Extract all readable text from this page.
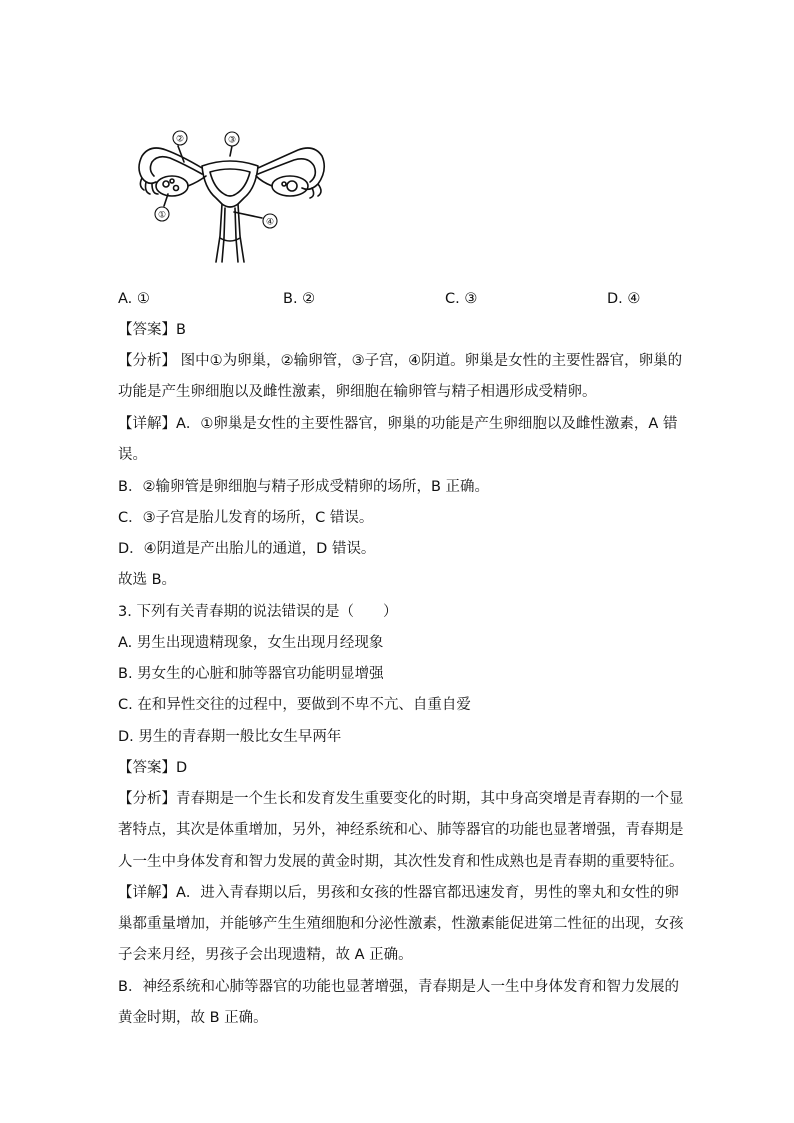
②	③
①
④
A. ①	B. ②	C. ③	D. ④
【答案】B
【分析】 图中①为卵巢，②输卵管，③子宫，④阴道。卵巢是女性的主要性器官，卵巢的
功能是产生卵细胞以及雌性激素，卵细胞在输卵管与精子相遇形成受精卵。
【详解】A．①卵巢是女性的主要性器官，卵巢的功能是产生卵细胞以及雌性激素，A 错
误。
B．②输卵管是卵细胞与精子形成受精卵的场所，B 正确。
C．③子宫是胎儿发育的场所，C 错误。
D．④阴道是产出胎儿的通道，D 错误。
故选 B。
3. 下列有关青春期的说法错误的是（　　）
A. 男生出现遗精现象，女生出现月经现象
B. 男女生的心脏和肺等器官功能明显增强
C. 在和异性交往的过程中，要做到不卑不亢、自重自爱
D. 男生的青春期一般比女生早两年
【答案】D
【分析】青春期是一个生长和发育发生重要变化的时期，其中身高突增是青春期的一个显
著特点，其次是体重增加，另外，神经系统和心、肺等器官的功能也显著增强，青春期是
人一生中身体发育和智力发展的黄金时期，其次性发育和性成熟也是青春期的重要特征。
【详解】A．进入青春期以后，男孩和女孩的性器官都迅速发育，男性的睾丸和女性的卵
巢都重量增加，并能够产生生殖细胞和分泌性激素，性激素能促进第二性征的出现，女孩
子会来月经，男孩子会出现遗精，故 A 正确。
B．神经系统和心肺等器官的功能也显著增强，青春期是人一生中身体发育和智力发展的
黄金时期，故 B 正确。
